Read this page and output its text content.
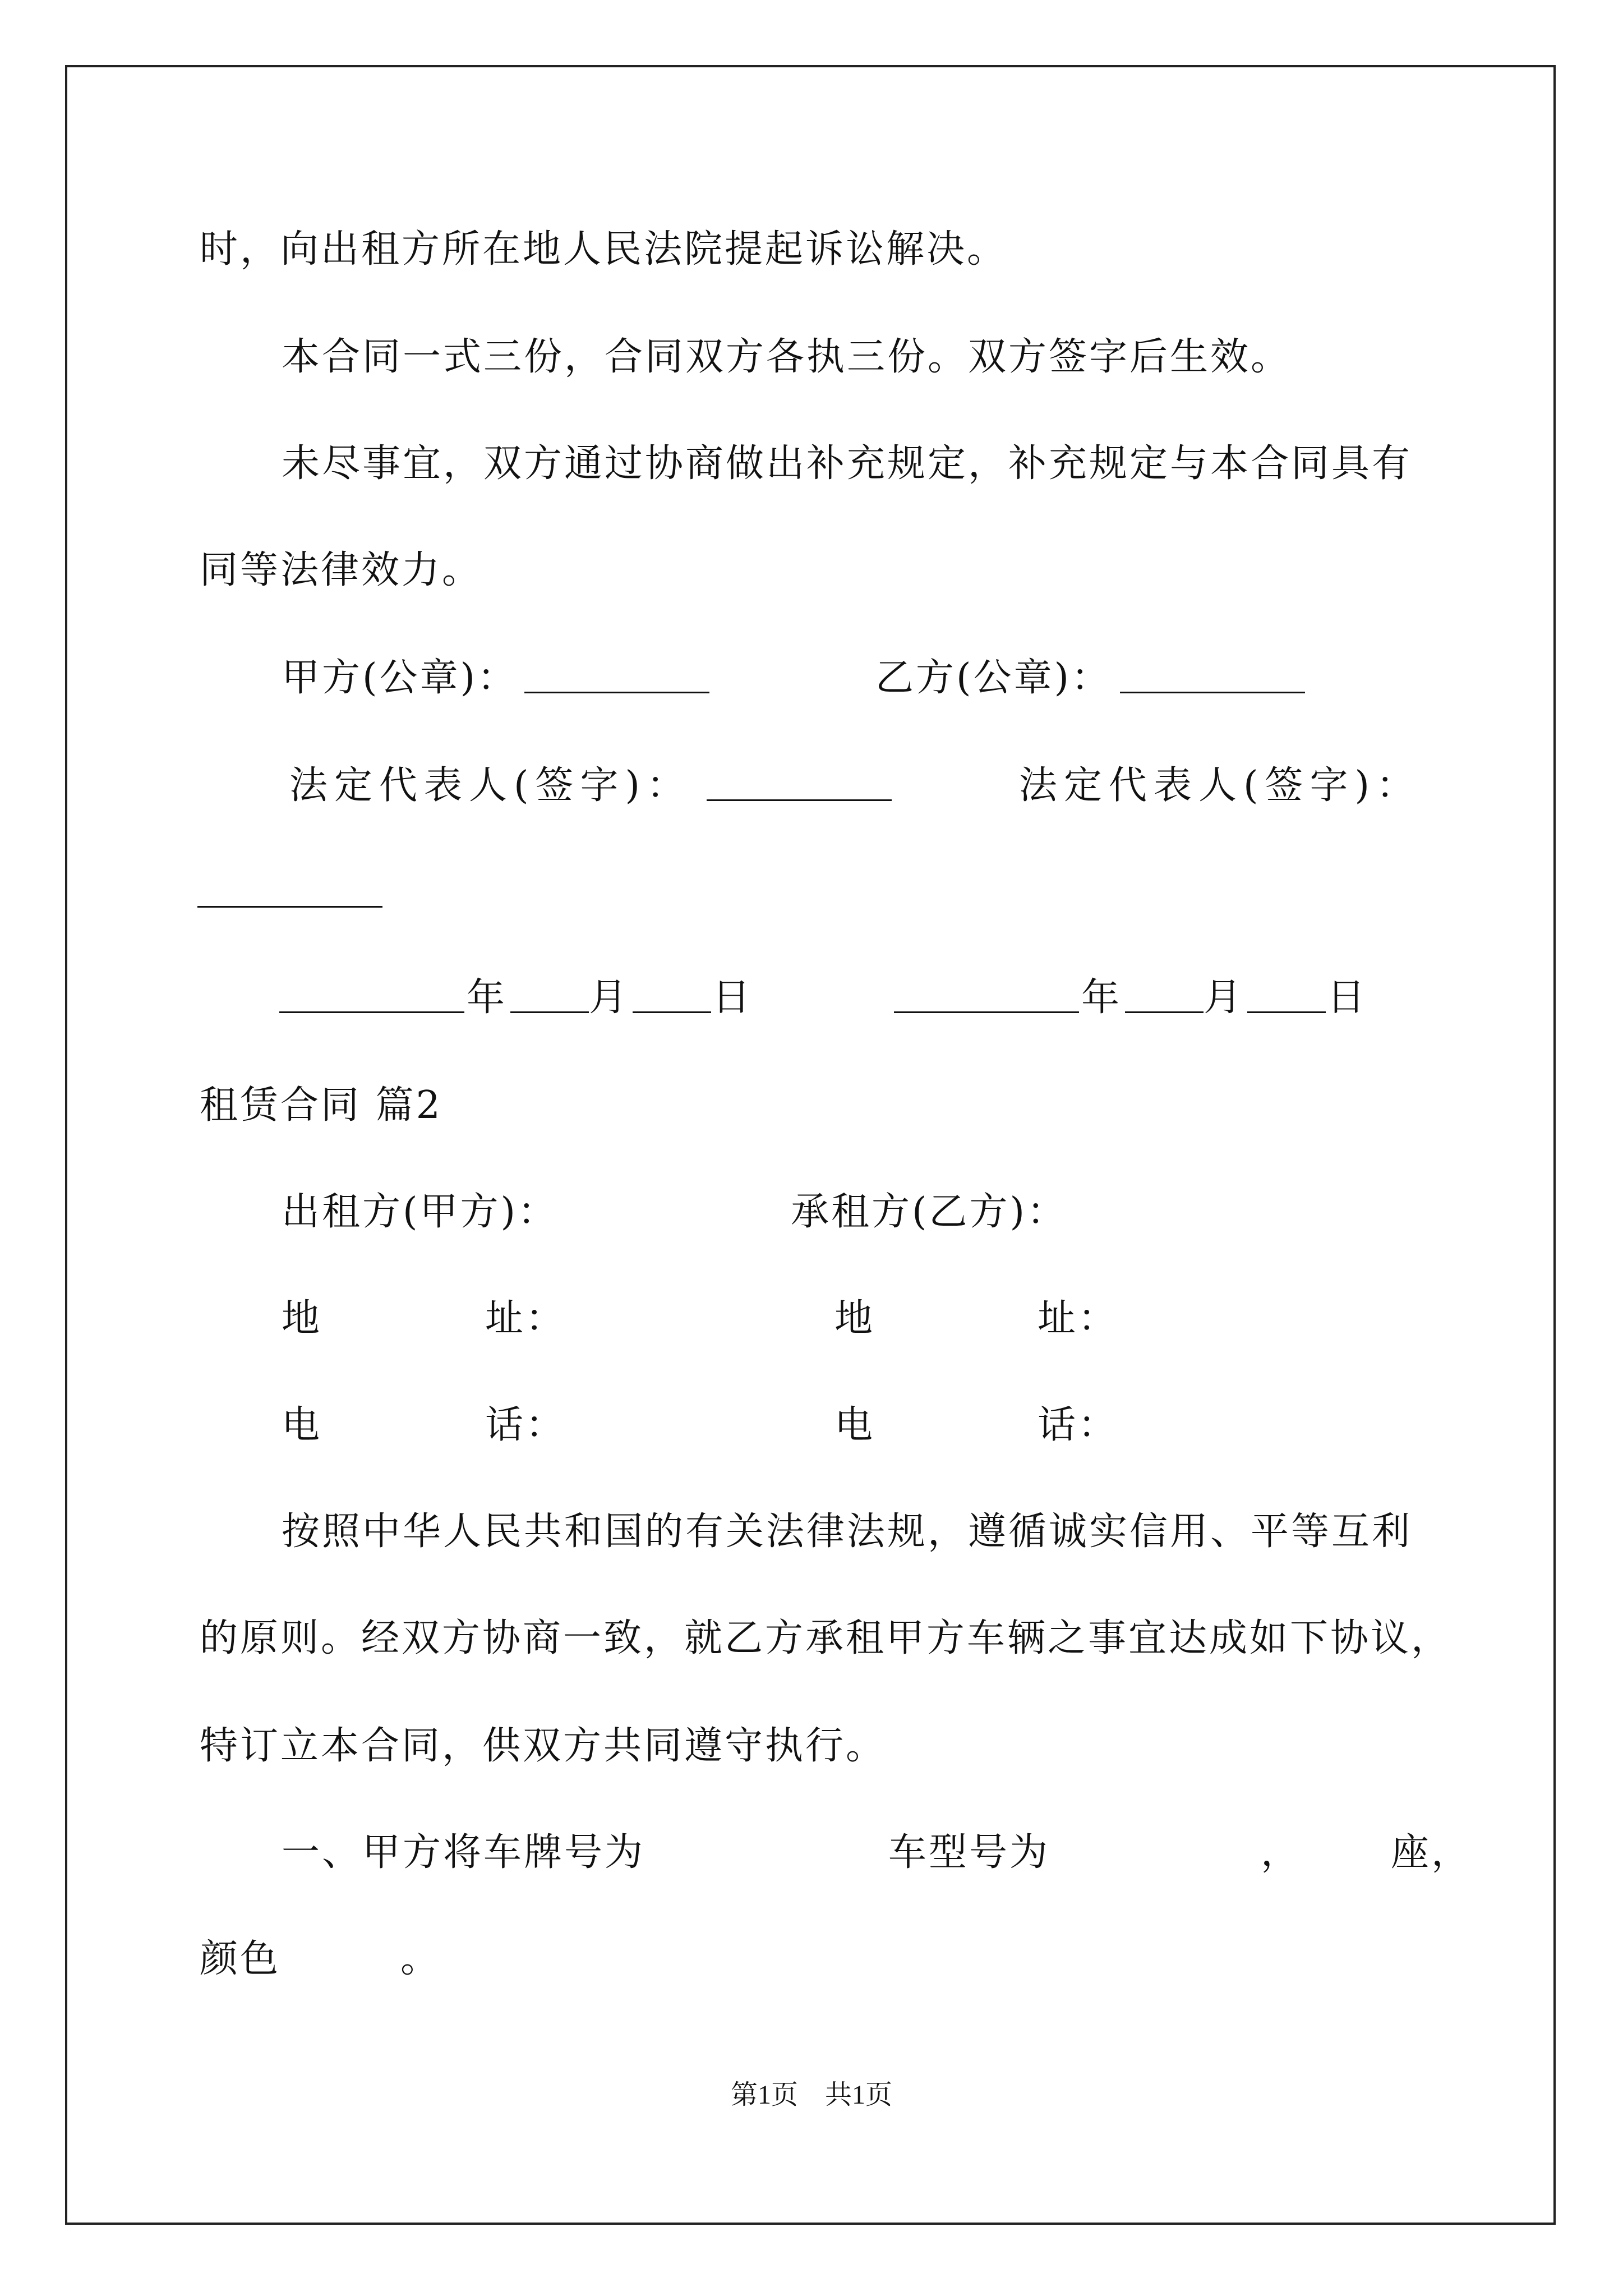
时，向出租方所在地人民法院提起诉讼解决。
本合同一式三份，合同双方各执三份。双方签字后生效。
未尽事宜，双方通过协商做出补充规定，补充规定与本合同具有
同等法律效力。
甲方(公章)：	乙方(公章)：
法定代表人(签字)：	法定代表人(签字)：
年 月 日	年 月 日
租赁合同 篇2
出租方(甲方)：	承租方(乙方)：
地	址：	地	址：
电	话：	电	话：
按照中华人民共和国的有关法律法规，遵循诚实信用、平等互利
的原则。经双方协商一致，就乙方承租甲方车辆之事宜达成如下协议，
特订立本合同，供双方共同遵守执行。
一、甲方将车牌号为	车型号为	， 座，
颜色	。
第1页　共1页
